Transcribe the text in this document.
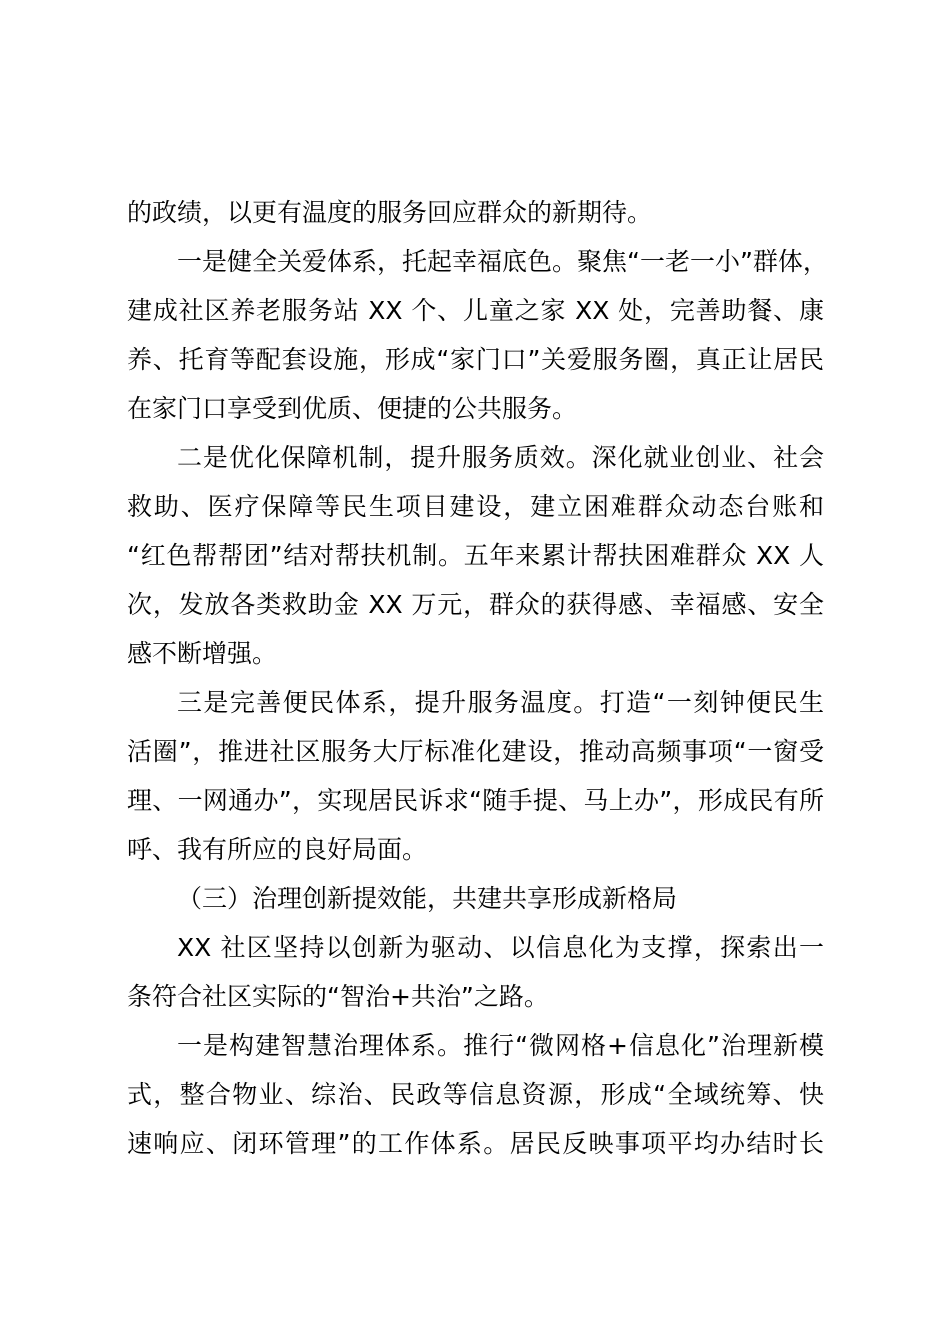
的政绩，以更有温度的服务回应群众的新期待。
一是健全关爱体系，托起幸福底色。聚焦“一老一小”群体，
建成社区养老服务站 XX 个、儿童之家 XX 处，完善助餐、康
养、托育等配套设施，形成“家门口”关爱服务圈，真正让居民
在家门口享受到优质、便捷的公共服务。
二是优化保障机制，提升服务质效。深化就业创业、社会
救助、医疗保障等民生项目建设，建立困难群众动态台账和
“红色帮帮团”结对帮扶机制。五年来累计帮扶困难群众 XX 人
次，发放各类救助金 XX 万元，群众的获得感、幸福感、安全
感不断增强。
三是完善便民体系，提升服务温度。打造“一刻钟便民生
活圈”，推进社区服务大厅标准化建设，推动高频事项“一窗受
理、一网通办”，实现居民诉求“随手提、马上办”，形成民有所
呼、我有所应的良好局面。
（三）治理创新提效能，共建共享形成新格局
XX 社区坚持以创新为驱动、以信息化为支撑，探索出一
条符合社区实际的“智治+共治”之路。
一是构建智慧治理体系。推行“微网格+信息化”治理新模
式，整合物业、综治、民政等信息资源，形成“全域统筹、快
速响应、闭环管理”的工作体系。居民反映事项平均办结时长
